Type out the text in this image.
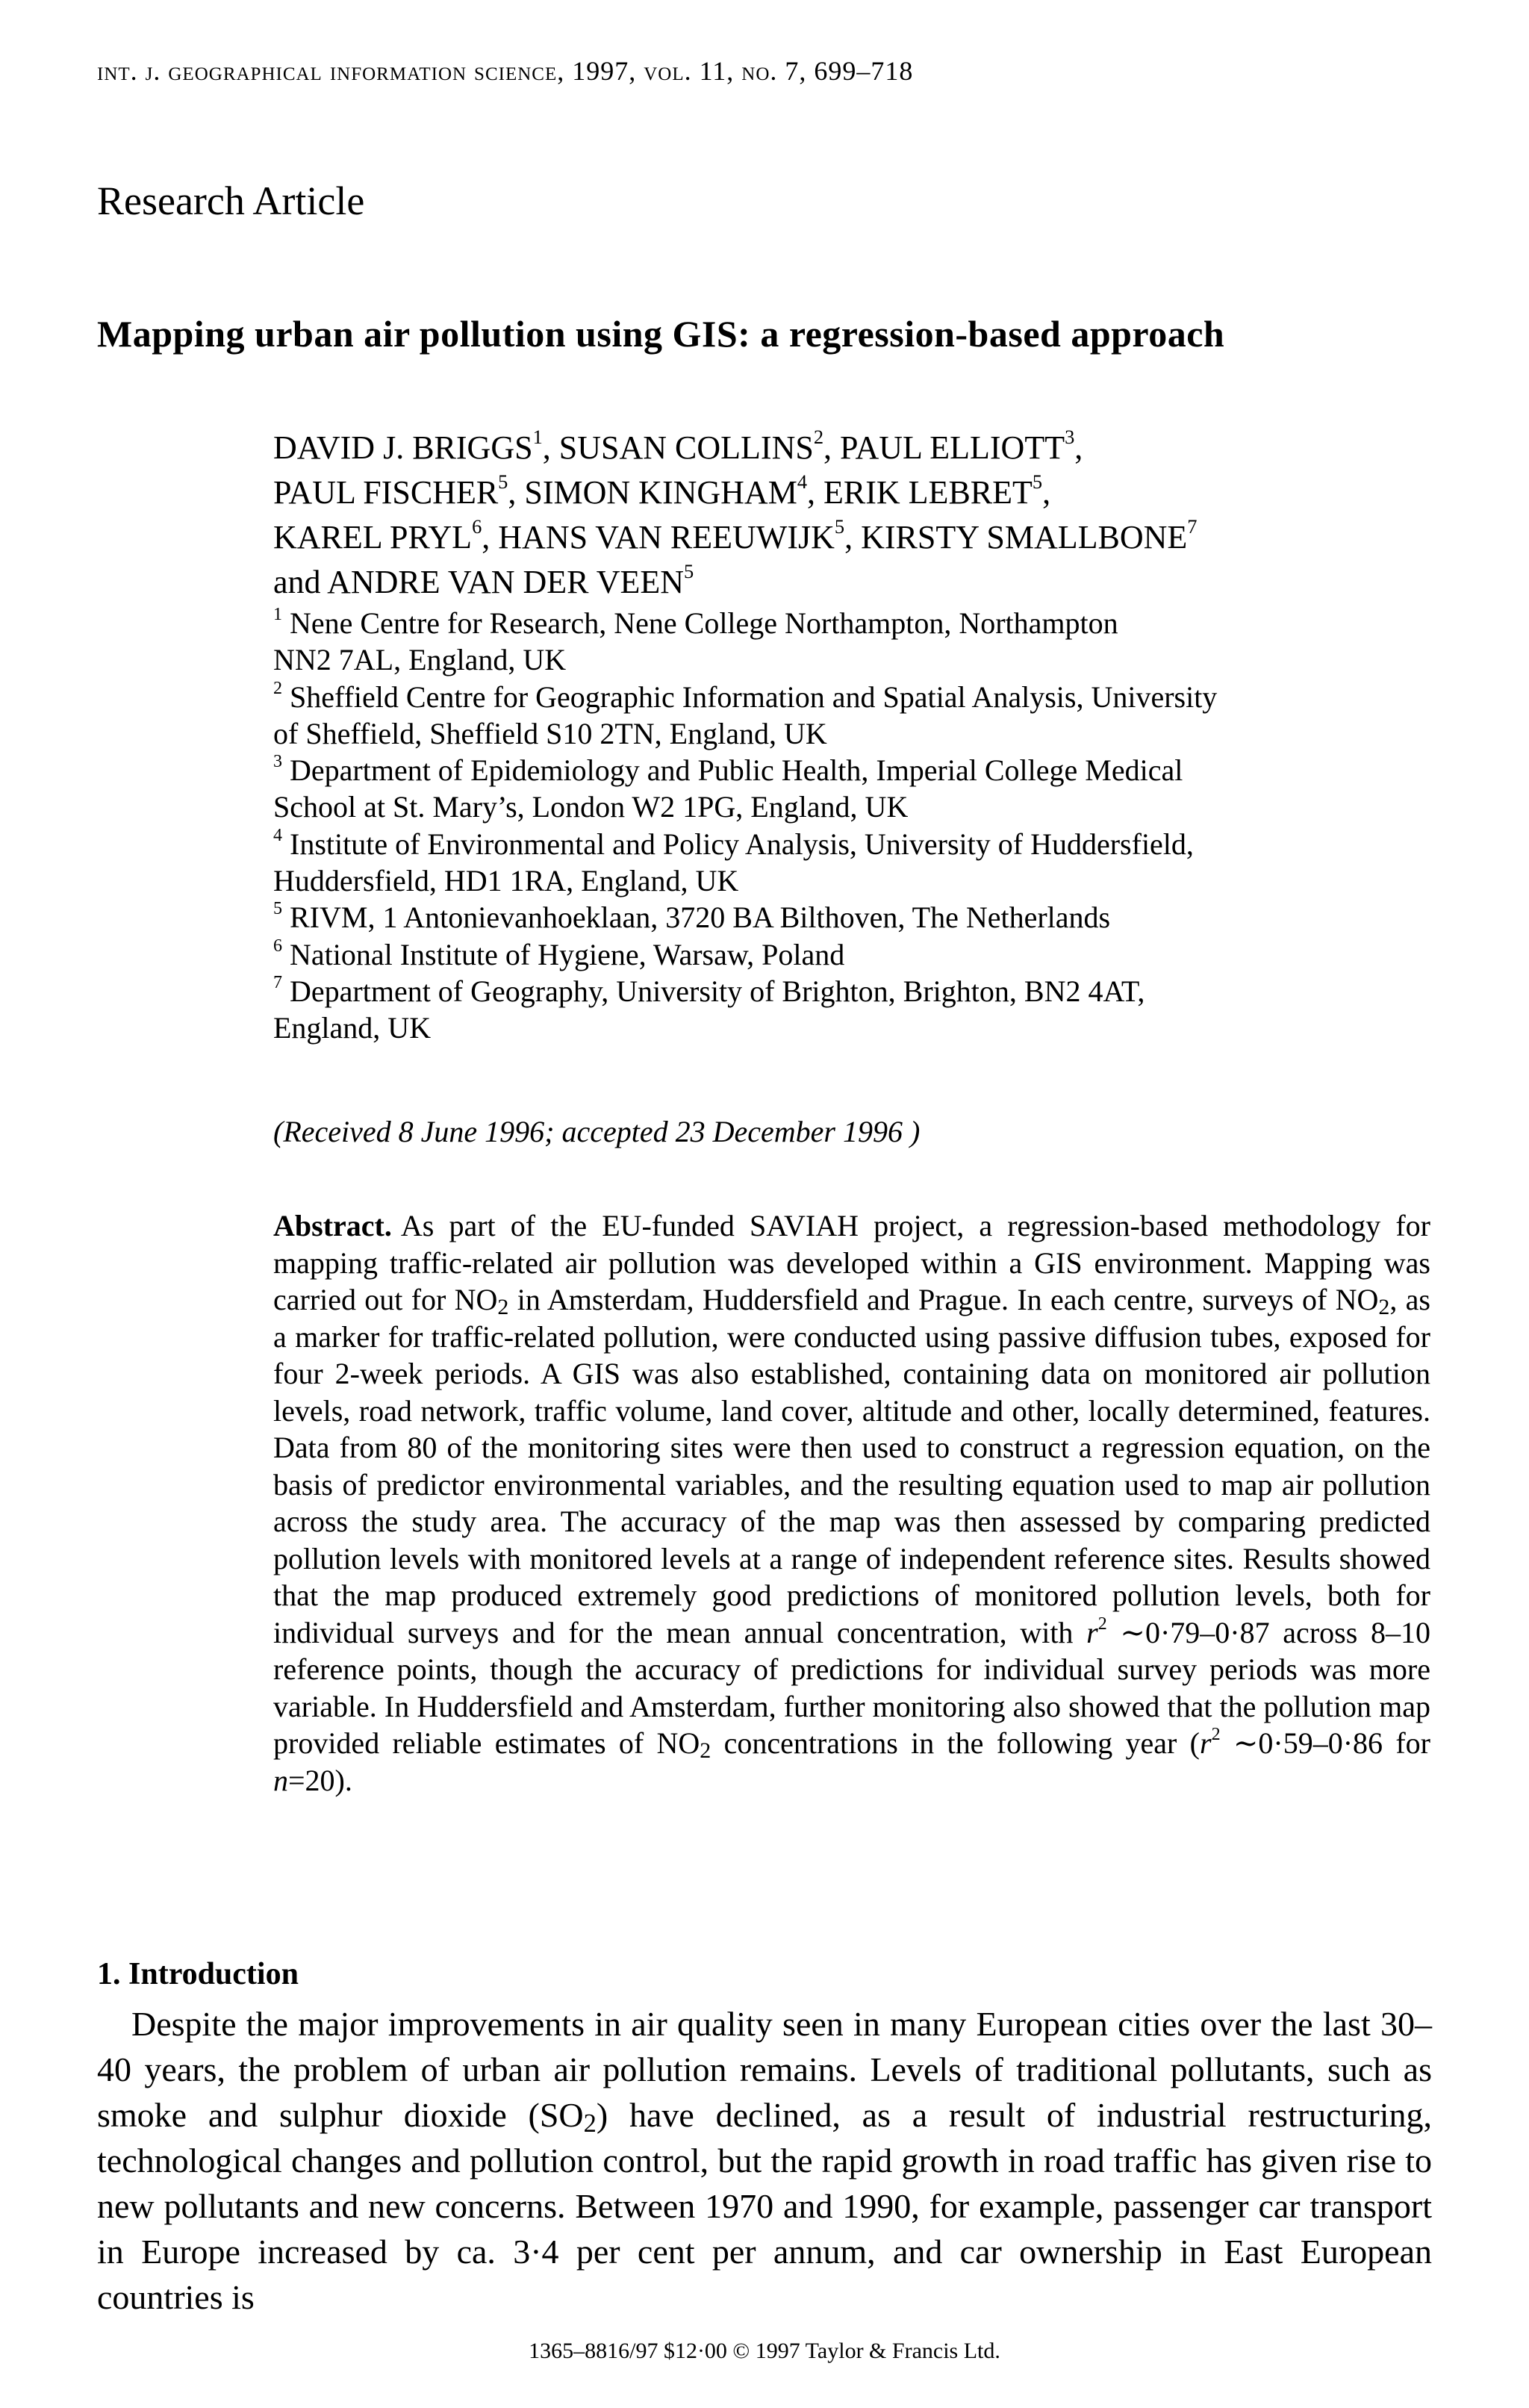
int. j. geographical information science, 1997, vol. 11, no. 7, 699–718
Research Article
Mapping urban air pollution using GIS: a regression-based approach
DAVID J. BRIGGS$^1$, SUSAN COLLINS$^2$, PAUL ELLIOTT$^3$,
PAUL FISCHER$^5$, SIMON KINGHAM$^4$, ERIK LEBRET$^5$,
KAREL PRYL$^6$, HANS VAN REEUWIJK$^5$, KIRSTY SMALLBONE$^7$
and ANDRE VAN DER VEEN$^5$
$^1$ Nene Centre for Research, Nene College Northampton, Northampton
NN2 7AL, England, UK
$^2$ Sheffield Centre for Geographic Information and Spatial Analysis, University
of Sheffield, Sheffield S10 2TN, England, UK
$^3$ Department of Epidemiology and Public Health, Imperial College Medical
School at St. Mary’s, London W2 1PG, England, UK
$^4$ Institute of Environmental and Policy Analysis, University of Huddersfield,
Huddersfield, HD1 1RA, England, UK
$^5$ RIVM, 1 Antonievanhoeklaan, 3720 BA Bilthoven, The Netherlands
$^6$ National Institute of Hygiene, Warsaw, Poland
$^7$ Department of Geography, University of Brighton, Brighton, BN2 4AT,
England, UK
(Received 8 June 1996; accepted 23 December 1996 )
Abstract. As part of the EU-funded SAVIAH project, a regression-based methodology for mapping traffic-related air pollution was developed within a GIS environment. Mapping was carried out for $NO_2$ in Amsterdam, Huddersfield and Prague. In each centre, surveys of $NO_2$, as a marker for traffic-related pollution, were conducted using passive diffusion tubes, exposed for four 2-week periods. A GIS was also established, containing data on monitored air pollution levels, road network, traffic volume, land cover, altitude and other, locally determined, features. Data from 80 of the monitoring sites were then used to construct a regression equation, on the basis of predictor environmental variables, and the resulting equation used to map air pollution across the study area. The accuracy of the map was then assessed by comparing predicted pollution levels with monitored levels at a range of independent reference sites. Results showed that the map produced extremely good predictions of monitored pollution levels, both for individual surveys and for the mean annual concentration, with $r^2$ ∼0·79–0·87 across 8–10 reference points, though the accuracy of predictions for individual survey periods was more variable. In Huddersfield and Amsterdam, further monitoring also showed that the pollution map provided reliable estimates of $NO_2$ concentrations in the following year ($r^2$ ∼0·59–0·86 for n=20).
1. Introduction
Despite the major improvements in air quality seen in many European cities over the last 30–40 years, the problem of urban air pollution remains. Levels of traditional pollutants, such as smoke and sulphur dioxide $(SO_2)$ have declined, as a result of industrial restructuring, technological changes and pollution control, but the rapid growth in road traffic has given rise to new pollutants and new concerns. Between 1970 and 1990, for example, passenger car transport in Europe increased by ca. 3·4 per cent per annum, and car ownership in East European countries is
1365–8816/97 $12·00 © 1997 Taylor & Francis Ltd.
